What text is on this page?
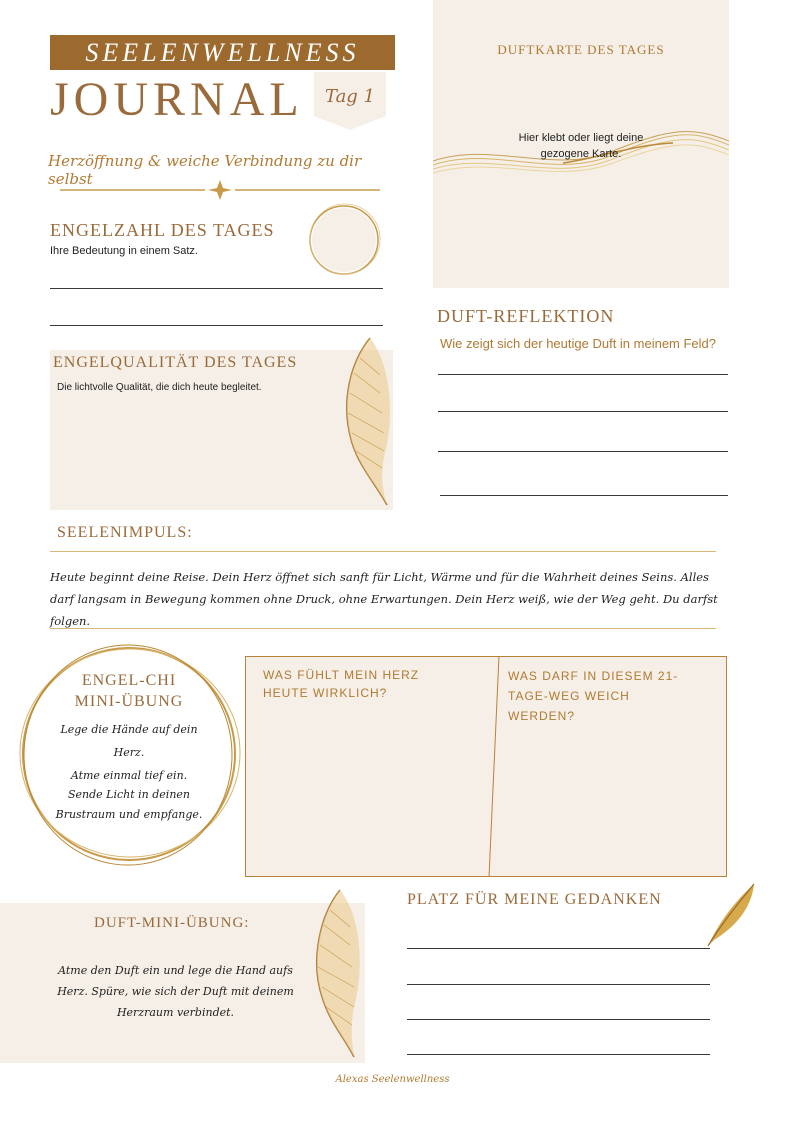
SEELENWELLNESS
JOURNAL	Tag 1
Herzöffnung & weiche Verbindung zu dir selbst
ENGELZAHL DES TAGES
Ihre Bedeutung in einem Satz.
DUFTKARTE DES TAGES
Hier klebt oder liegt deine gezogene Karte.
DUFT-REFLEKTION
Wie zeigt sich der heutige Duft in meinem Feld?
ENGELQUALITÄT DES TAGES
Die lichtvolle Qualität, die dich heute begleitet.
SEELENIMPULS:
Heute beginnt deine Reise. Dein Herz öffnet sich sanft für Licht, Wärme und für die Wahrheit deines Seins. Alles darf langsam in Bewegung kommen ohne Druck, ohne Erwartungen. Dein Herz weiß, wie der Weg geht. Du darfst folgen.
ENGEL-CHI
MINI-ÜBUNG
Lege die Hände auf dein
Herz.
Atme einmal tief ein.
Sende Licht in deinen
Brustraum und empfange.
WAS FÜHLT MEIN HERZ HEUTE WIRKLICH?
WAS DARF IN DIESEM 21-TAGE-WEG WEICH WERDEN?
DUFT-MINI-ÜBUNG:
Atme den Duft ein und lege die Hand aufs Herz. Spüre, wie sich der Duft mit deinem Herzraum verbindet.
PLATZ FÜR MEINE GEDANKEN
Alexas Seelenwellness
